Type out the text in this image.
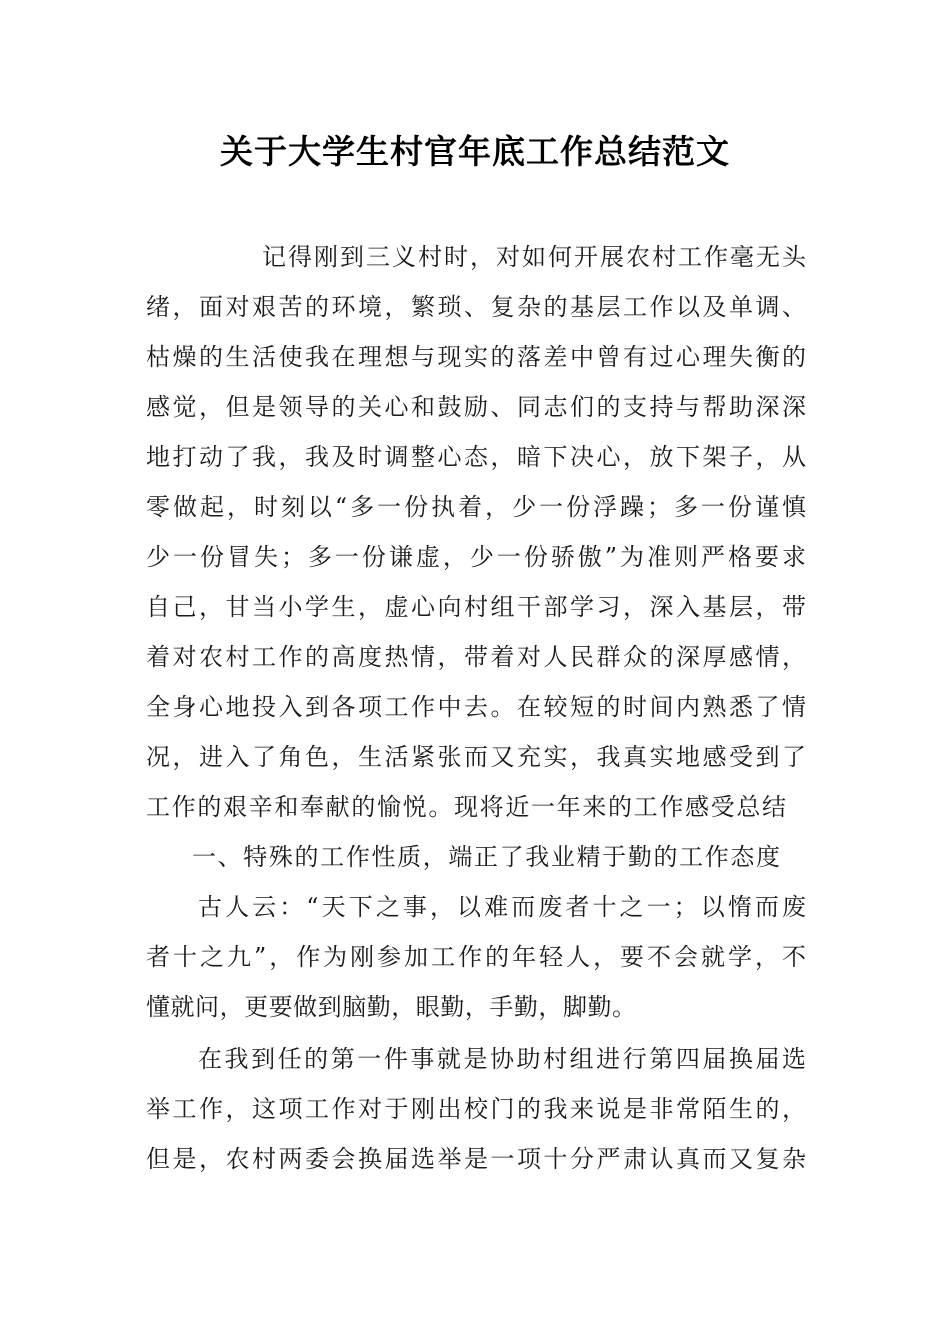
关于大学生村官年底工作总结范文
记得刚到三义村时，对如何开展农村工作毫无头
绪，面对艰苦的环境，繁琐、复杂的基层工作以及单调、
枯燥的生活使我在理想与现实的落差中曾有过心理失衡的
感觉，但是领导的关心和鼓励、同志们的支持与帮助深深
地打动了我，我及时调整心态，暗下决心，放下架子，从
零做起，时刻以“多一份执着，少一份浮躁；多一份谨慎
少一份冒失；多一份谦虚，少一份骄傲”为准则严格要求
自己，甘当小学生，虚心向村组干部学习，深入基层，带
着对农村工作的高度热情，带着对人民群众的深厚感情，
全身心地投入到各项工作中去。在较短的时间内熟悉了情
况，进入了角色，生活紧张而又充实，我真实地感受到了
工作的艰辛和奉献的愉悦。现将近一年来的工作感受总结
一、特殊的工作性质，端正了我业精于勤的工作态度
古人云：“天下之事，以难而废者十之一；以惰而废
者十之九”，作为刚参加工作的年轻人，要不会就学，不
懂就问，更要做到脑勤，眼勤，手勤，脚勤。
在我到任的第一件事就是协助村组进行第四届换届选
举工作，这项工作对于刚出校门的我来说是非常陌生的，
但是，农村两委会换届选举是一项十分严肃认真而又复杂
